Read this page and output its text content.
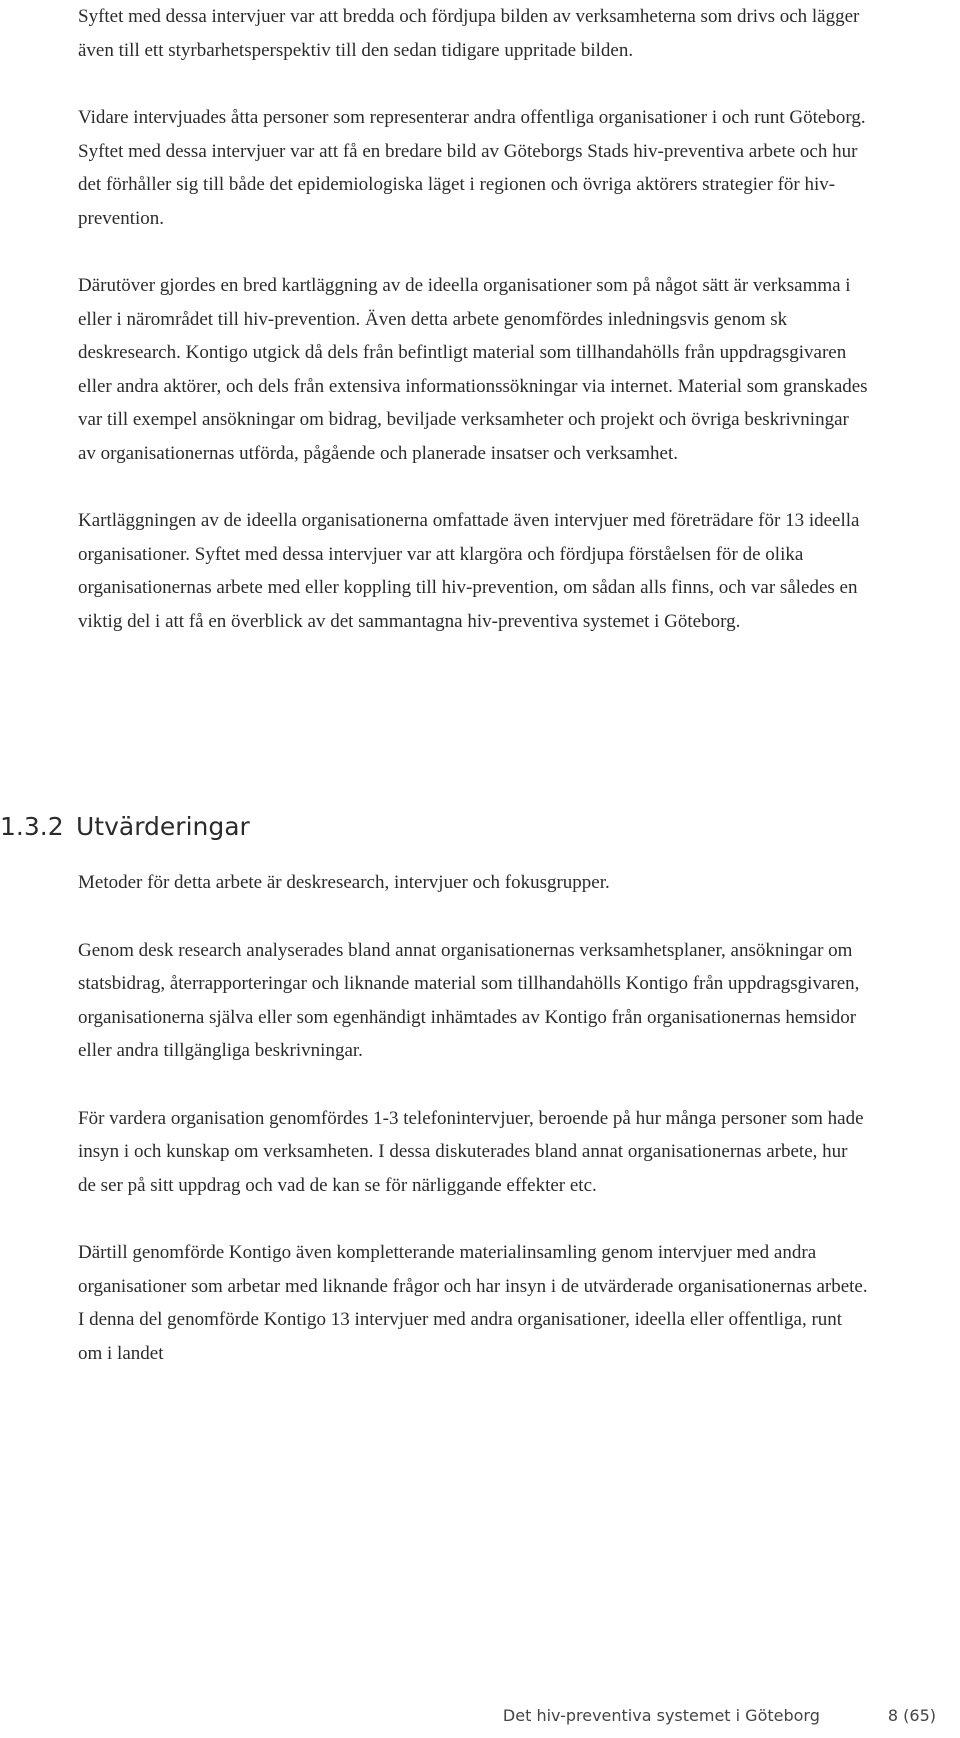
Syftet med dessa intervjuer var att bredda och fördjupa bilden av verksamheterna som drivs och lägger även till ett styrbarhetsperspektiv till den sedan tidigare uppritade bilden.

Vidare intervjuades åtta personer som representerar andra offentliga organisationer i och runt Göteborg. Syftet med dessa intervjuer var att få en bredare bild av Göteborgs Stads hiv-preventiva arbete och hur det förhåller sig till både det epidemiologiska läget i regionen och övriga aktörers strategier för hiv-prevention.

Därutöver gjordes en bred kartläggning av de ideella organisationer som på något sätt är verksamma i eller i närområdet till hiv-prevention. Även detta arbete genomfördes inledningsvis genom sk deskresearch. Kontigo utgick då dels från befintligt material som tillhandahölls från uppdragsgivaren eller andra aktörer, och dels från extensiva informationssökningar via internet. Material som granskades var till exempel ansökningar om bidrag, beviljade verksamheter och projekt och övriga beskrivningar av organisationernas utförda, pågående och planerade insatser och verksamhet.

Kartläggningen av de ideella organisationerna omfattade även intervjuer med företrädare för 13 ideella organisationer. Syftet med dessa intervjuer var att klargöra och fördjupa förståelsen för de olika organisationernas arbete med eller koppling till hiv-prevention, om sådan alls finns, och var således en viktig del i att få en överblick av det sammantagna hiv-preventiva systemet i Göteborg.

1.3.2 Utvärderingar

Metoder för detta arbete är deskresearch, intervjuer och fokusgrupper.

Genom desk research analyserades bland annat organisationernas verksamhetsplaner, ansökningar om statsbidrag, återrapporteringar och liknande material som tillhandahölls Kontigo från uppdragsgivaren, organisationerna själva eller som egenhändigt inhämtades av Kontigo från organisationernas hemsidor eller andra tillgängliga beskrivningar.

För vardera organisation genomfördes 1-3 telefonintervjuer, beroende på hur många personer som hade insyn i och kunskap om verksamheten. I dessa diskuterades bland annat organisationernas arbete, hur de ser på sitt uppdrag och vad de kan se för närliggande effekter etc.

Därtill genomförde Kontigo även kompletterande materialinsamling genom intervjuer med andra organisationer som arbetar med liknande frågor och har insyn i de utvärderade organisationernas arbete. I denna del genomförde Kontigo 13 intervjuer med andra organisationer, ideella eller offentliga, runt om i landet

Det hiv-preventiva systemet i Göteborg	8 (65)
